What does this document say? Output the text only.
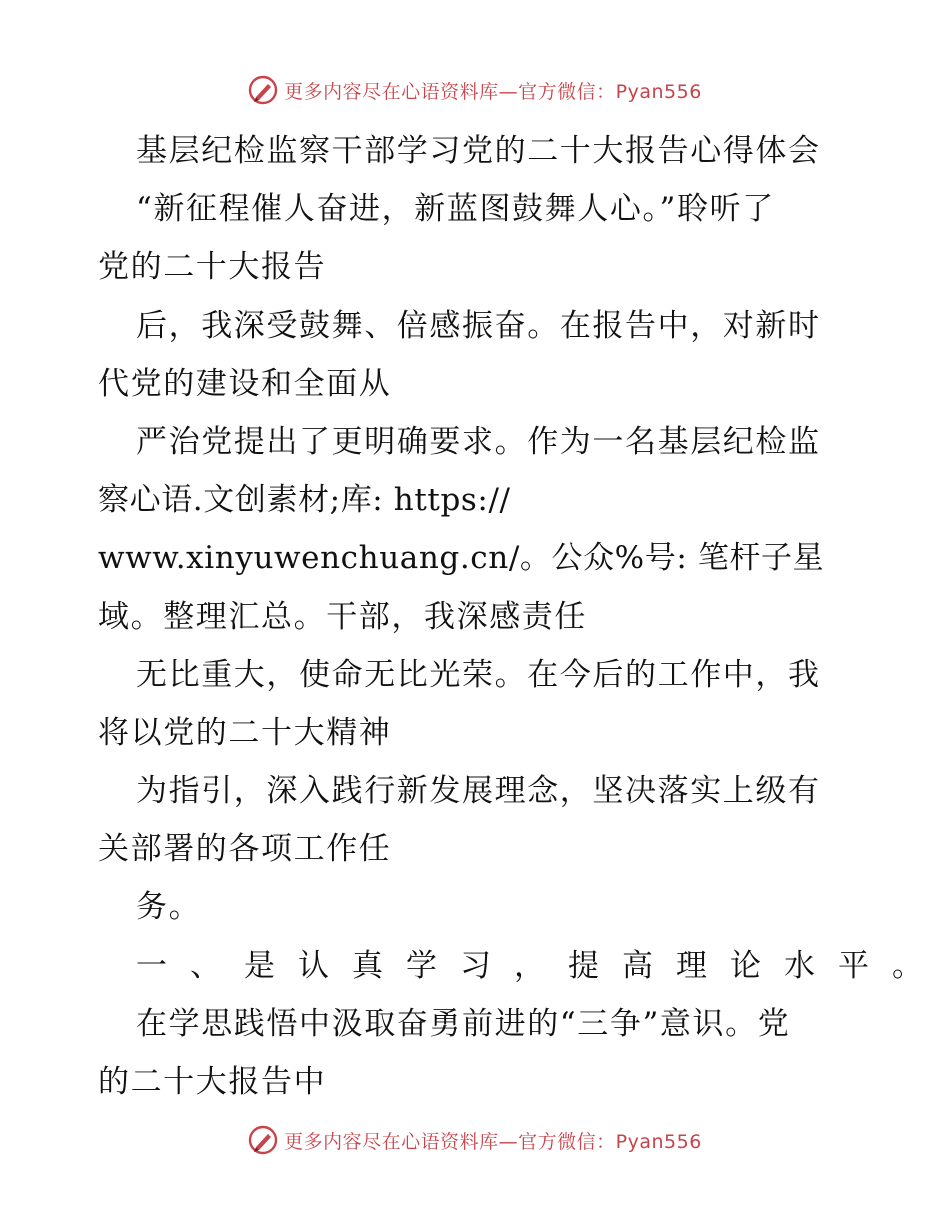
更多内容尽在心语资料库—官方微信：Pyan556
基层纪检监察干部学习党的二十大报告心得体会
“新征程催人奋进，新蓝图鼓舞人心。”聆听了
党的二十大报告
后，我深受鼓舞、倍感振奋。在报告中，对新时
代党的建设和全面从
严治党提出了更明确要求。作为一名基层纪检监
察心语.文创素材;库: https://
www.xinyuwenchuang.cn/。公众%号: 笔杆子星
域。整理汇总。干部，我深感责任
无比重大，使命无比光荣。在今后的工作中，我
将以党的二十大精神
为指引，深入践行新发展理念，坚决落实上级有
关部署的各项工作任
务。
一、是认真学习，提高理论水平。
在学思践悟中汲取奋勇前进的“三争”意识。党
的二十大报告中
更多内容尽在心语资料库—官方微信：Pyan556
